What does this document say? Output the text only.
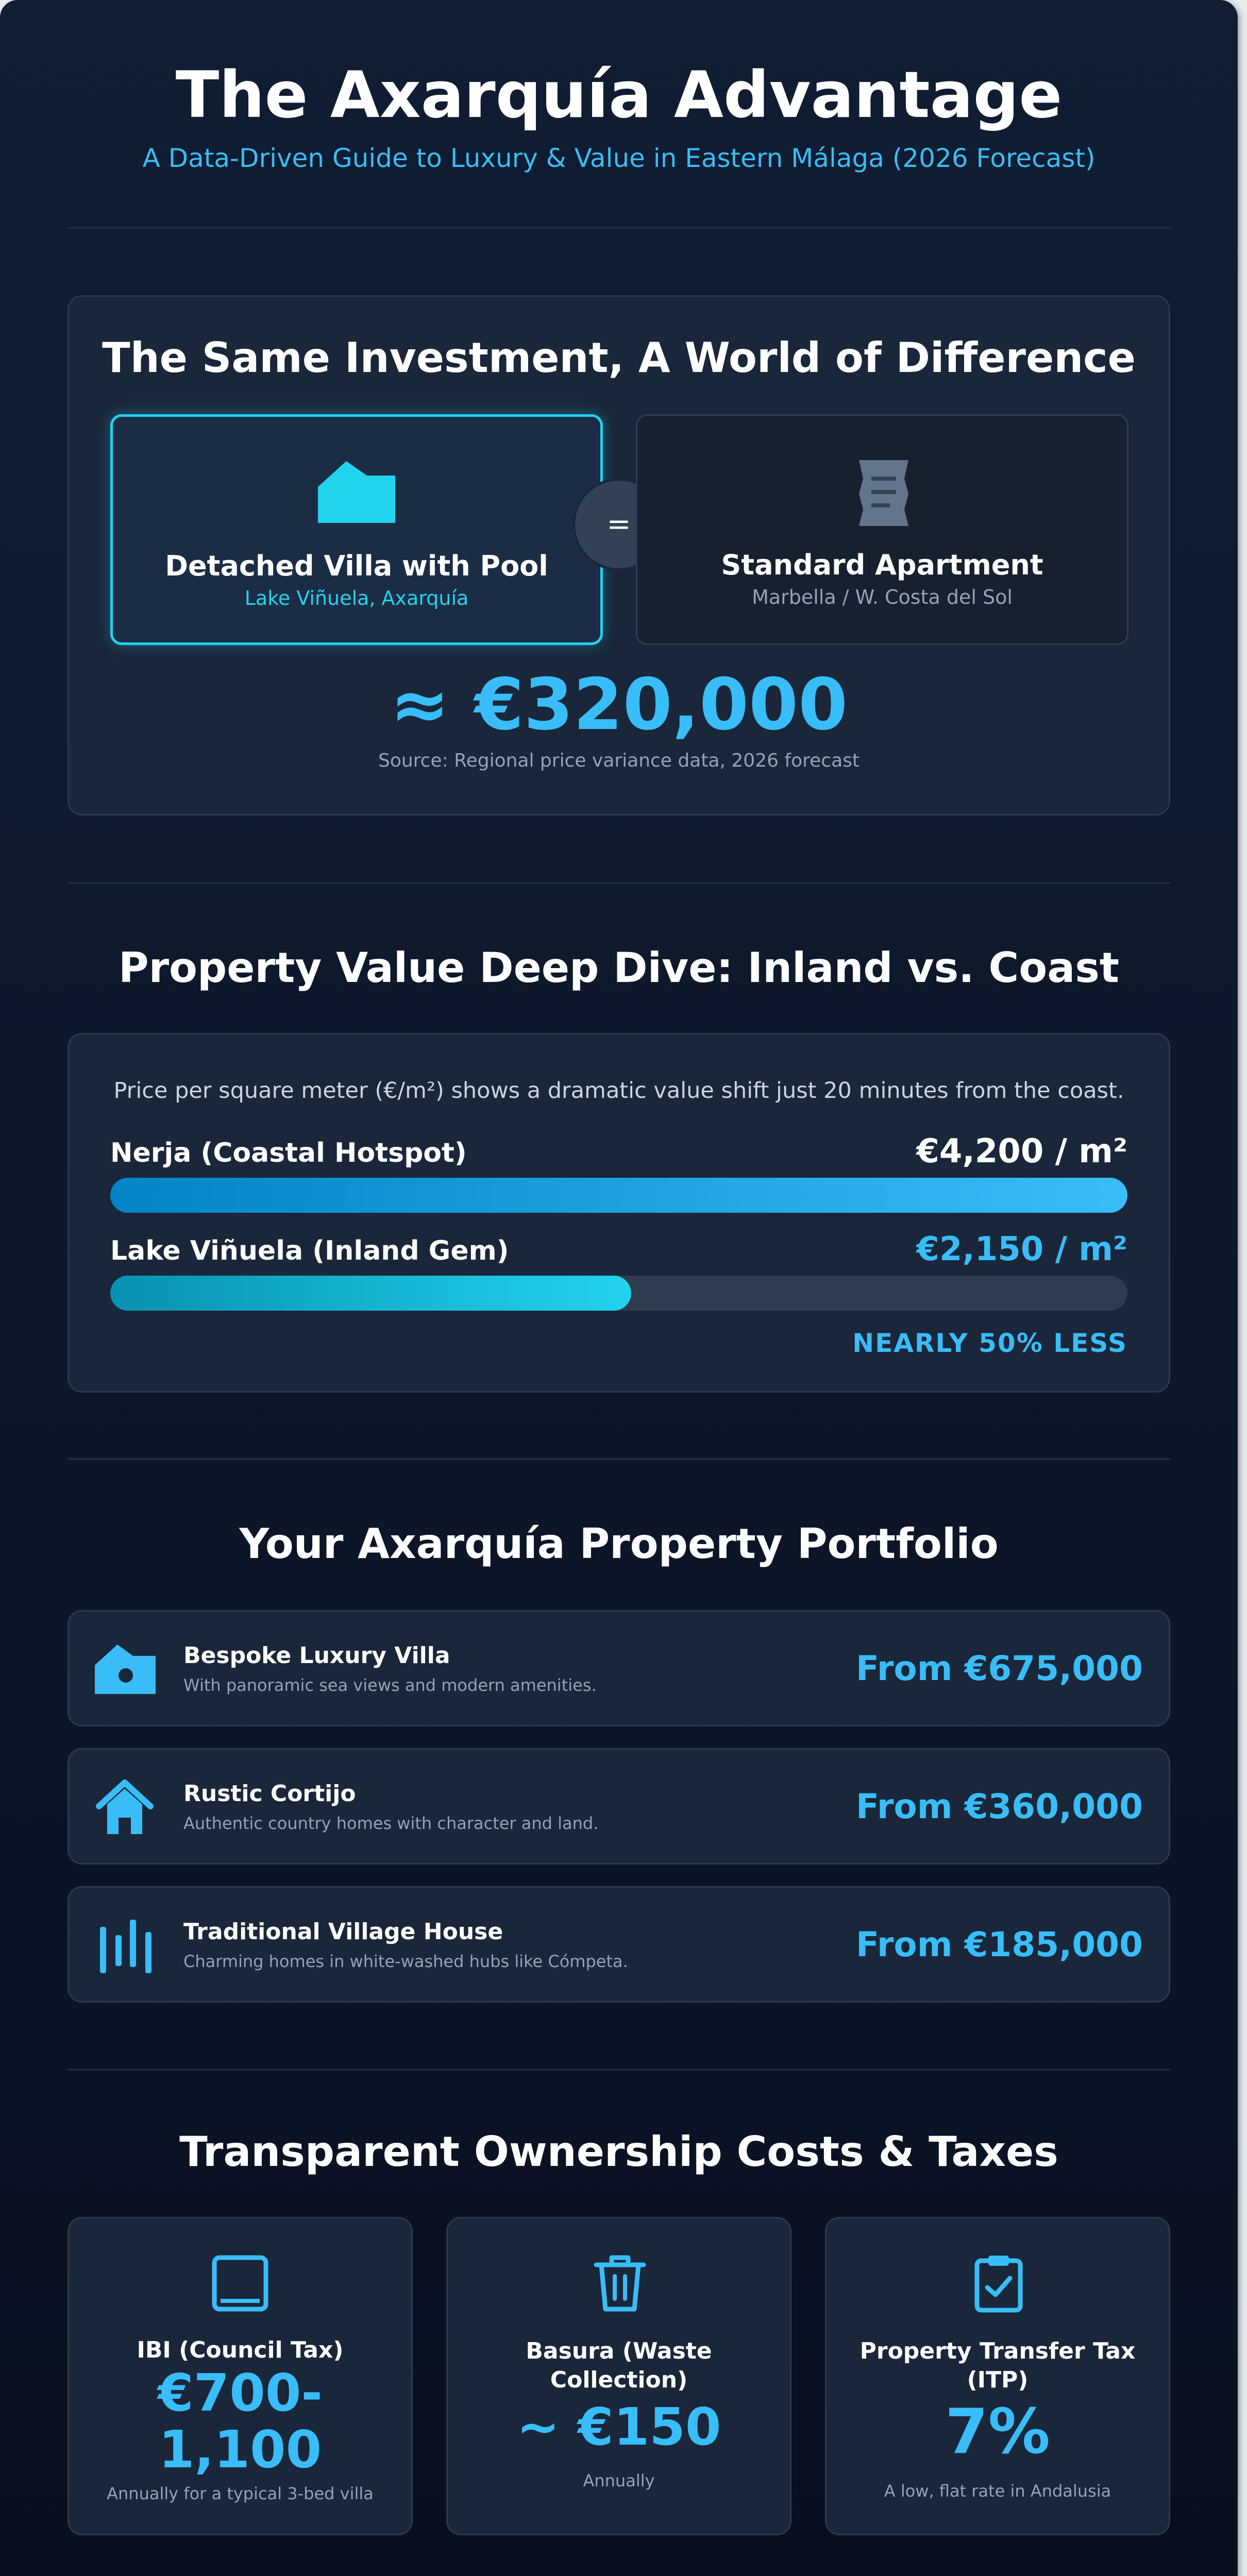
The Axarquía Advantage
A Data-Driven Guide to Luxury & Value in Eastern Málaga (2026 Forecast)
The Same Investment, A World of Difference
Detached Villa with Pool
Lake Viñuela, Axarquía
=
Standard Apartment
Marbella / W. Costa del Sol
≈ €320,000
Source: Regional price variance data, 2026 forecast
Property Value Deep Dive: Inland vs. Coast
Price per square meter (€/m²) shows a dramatic value shift just 20 minutes from the coast.
Nerja (Coastal Hotspot)	€4,200 / m²
Lake Viñuela (Inland Gem)	€2,150 / m²
NEARLY 50% LESS
Your Axarquía Property Portfolio
Bespoke Luxury Villa
With panoramic sea views and modern amenities.	From €675,000
Rustic Cortijo
Authentic country homes with character and land.	From €360,000
Traditional Village House
Charming homes in white-washed hubs like Cómpeta.	From €185,000
Transparent Ownership Costs & Taxes
IBI (Council Tax)
€700-
1,100
Annually for a typical 3-bed villa
Basura (Waste
Collection)
~ €150
Annually
Property Transfer Tax
(ITP)
7%
A low, flat rate in Andalusia
